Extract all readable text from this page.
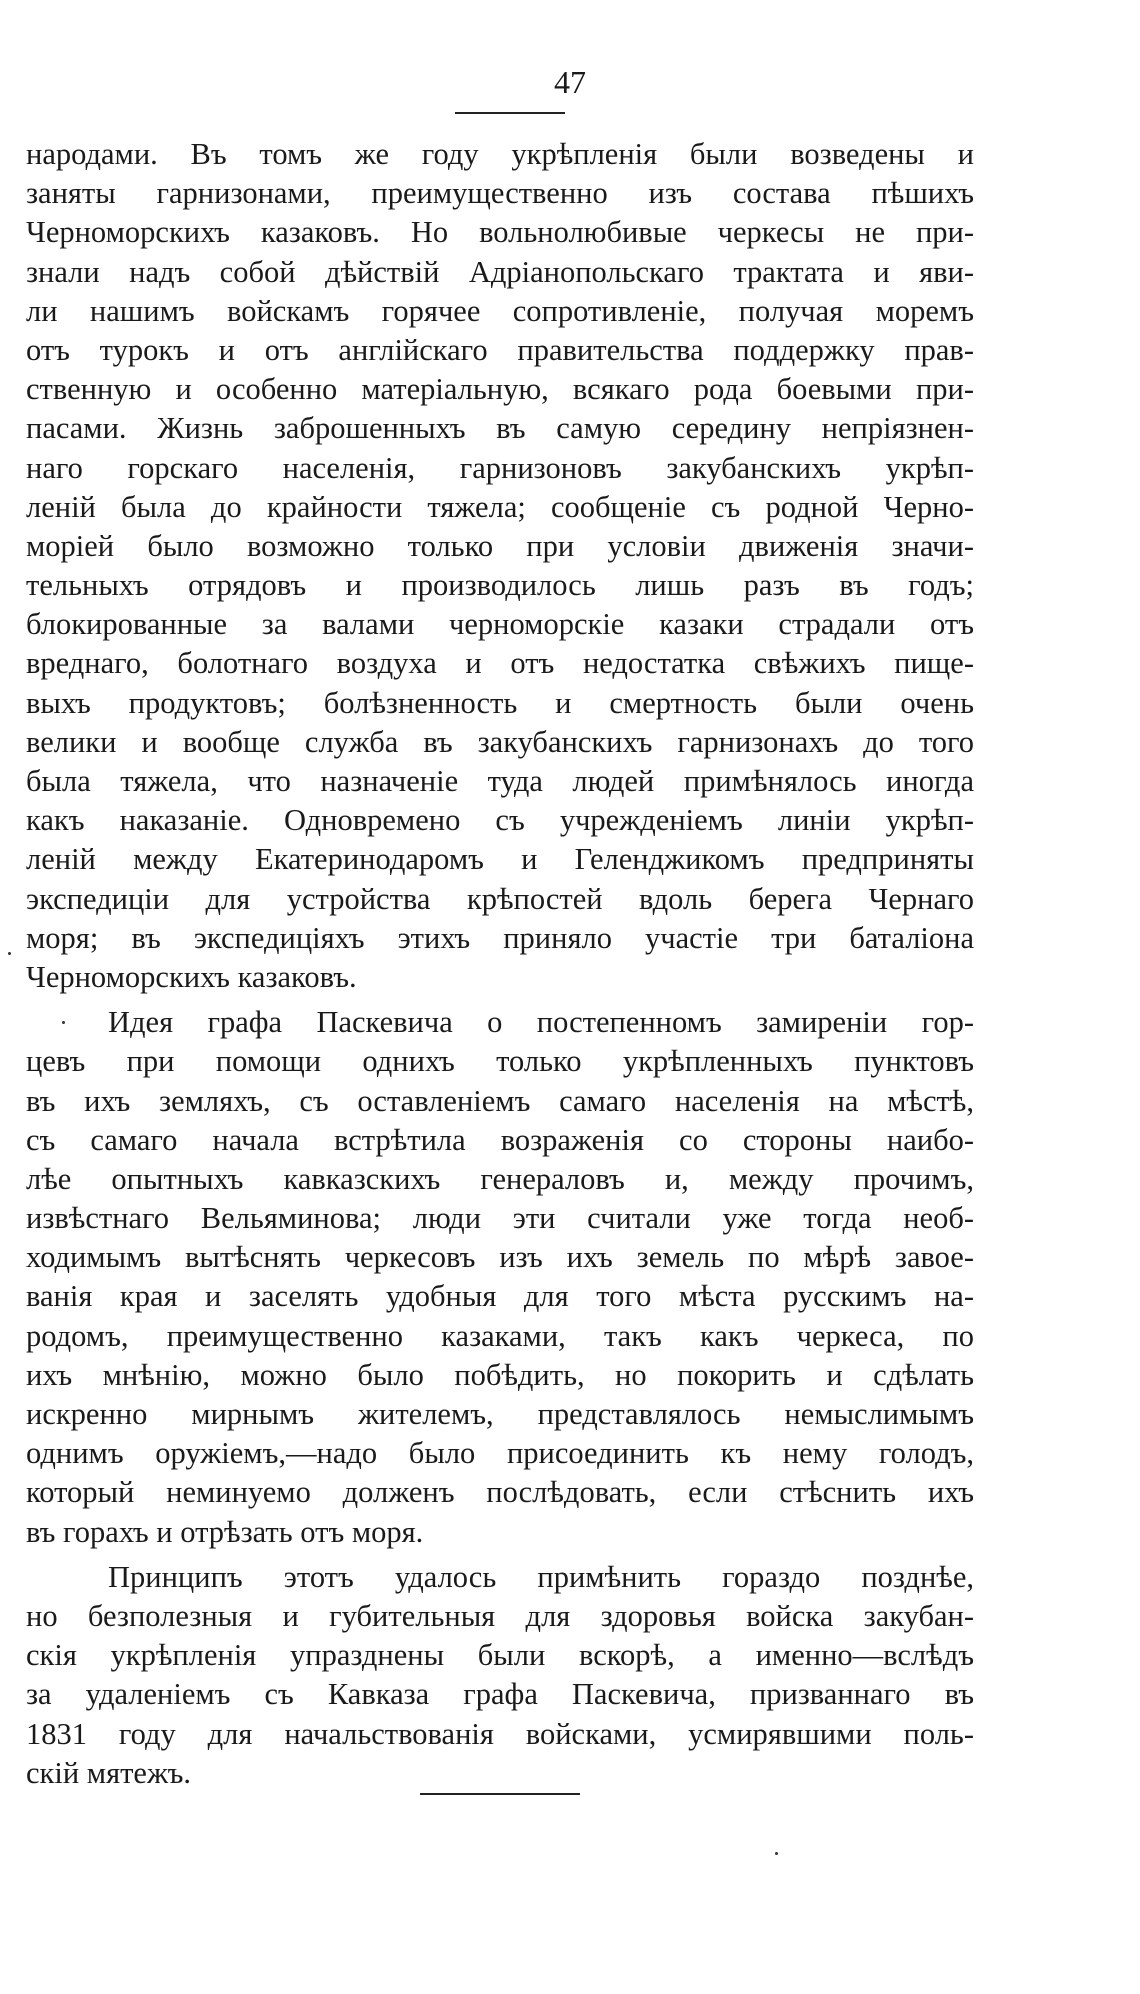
47
народами. Въ томъ же году укрѣпленія были возведены и
заняты гарнизонами, преимущественно изъ состава пѣшихъ
Черноморскихъ казаковъ. Но вольнолюбивые черкесы не при-
знали надъ собой дѣйствій Адріанопольскаго трактата и яви-
ли нашимъ войскамъ горячее сопротивленіе, получая моремъ
отъ турокъ и отъ англійскаго правительства поддержку прав-
ственную и особенно матеріальную, всякаго рода боевыми при-
пасами. Жизнь заброшенныхъ въ самую середину непріязнен-
наго горскаго населенія, гарнизоновъ закубанскихъ укрѣп-
леній была до крайности тяжела; сообщеніе съ родной Черно-
моріей было возможно только при условіи движенія значи-
тельныхъ отрядовъ и производилось лишь разъ въ годъ;
блокированные за валами черноморскіе казаки страдали отъ
вреднаго, болотнаго воздуха и отъ недостатка свѣжихъ пище-
выхъ продуктовъ; болѣзненность и смертность были очень
велики и вообще служба въ закубанскихъ гарнизонахъ до того
была тяжела, что назначеніе туда людей примѣнялось иногда
какъ наказаніе. Одновремено съ учрежденіемъ линіи укрѣп-
леній между Екатеринодаромъ и Геленджикомъ предприняты
экспедиціи для устройства крѣпостей вдоль берега Чернаго
моря; въ экспедиціяхъ этихъ приняло участіе три баталіона
Черноморскихъ казаковъ.
Идея графа Паскевича о постепенномъ замиреніи гор-
цевъ при помощи однихъ только укрѣпленныхъ пунктовъ
въ ихъ земляхъ, съ оставленіемъ самаго населенія на мѣстѣ,
съ самаго начала встрѣтила возраженія со стороны наибо-
лѣе опытныхъ кавказскихъ генераловъ и, между прочимъ,
извѣстнаго Вельяминова; люди эти считали уже тогда необ-
ходимымъ вытѣснять черкесовъ изъ ихъ земель по мѣрѣ завое-
ванія края и заселять удобныя для того мѣста русскимъ на-
родомъ, преимущественно казаками, такъ какъ черкеса, по
ихъ мнѣнію, можно было побѣдить, но покорить и сдѣлать
искренно мирнымъ жителемъ, представлялось немыслимымъ
однимъ оружіемъ,—надо было присоединить къ нему голодъ,
который неминуемо долженъ послѣдовать, если стѣснить ихъ
въ горахъ и отрѣзать отъ моря.
Принципъ этотъ удалось примѣнить гораздо позднѣе,
но безполезныя и губительныя для здоровья войска закубан-
скія укрѣпленія упразднены были вскорѣ, а именно—вслѣдъ
за удаленіемъ съ Кавказа графа Паскевича, призваннаго въ
1831 году для начальствованія войсками, усмирявшими поль-
скій мятежъ.
